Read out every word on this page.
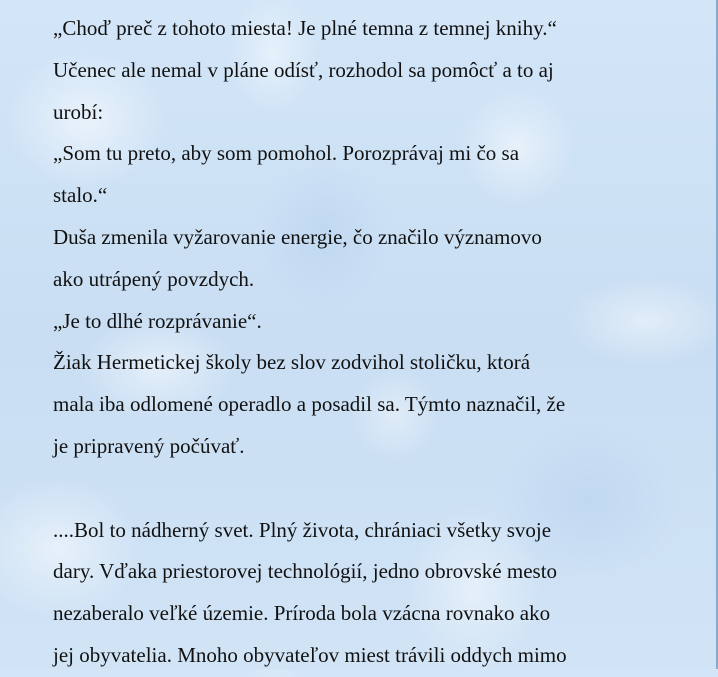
„Choď preč z tohoto miesta! Je plné temna z temnej knihy.“
Učenec ale nemal v pláne odísť, rozhodol sa pomôcť a to aj
urobí:
„Som tu preto, aby som pomohol. Porozprávaj mi čo sa
stalo.“
Duša zmenila vyžarovanie energie, čo značilo významovo
ako utrápený povzdych.
„Je to dlhé rozprávanie“.
Žiak Hermetickej školy bez slov zodvihol stoličku, ktorá
mala iba odlomené operadlo a posadil sa. Týmto naznačil, že
je pripravený počúvať.
....Bol to nádherný svet. Plný života, chrániaci všetky svoje
dary. Vďaka priestorovej technológií, jedno obrovské mesto
nezaberalo veľké územie. Príroda bola vzácna rovnako ako
jej obyvatelia. Mnoho obyvateľov miest trávili oddych mimo
